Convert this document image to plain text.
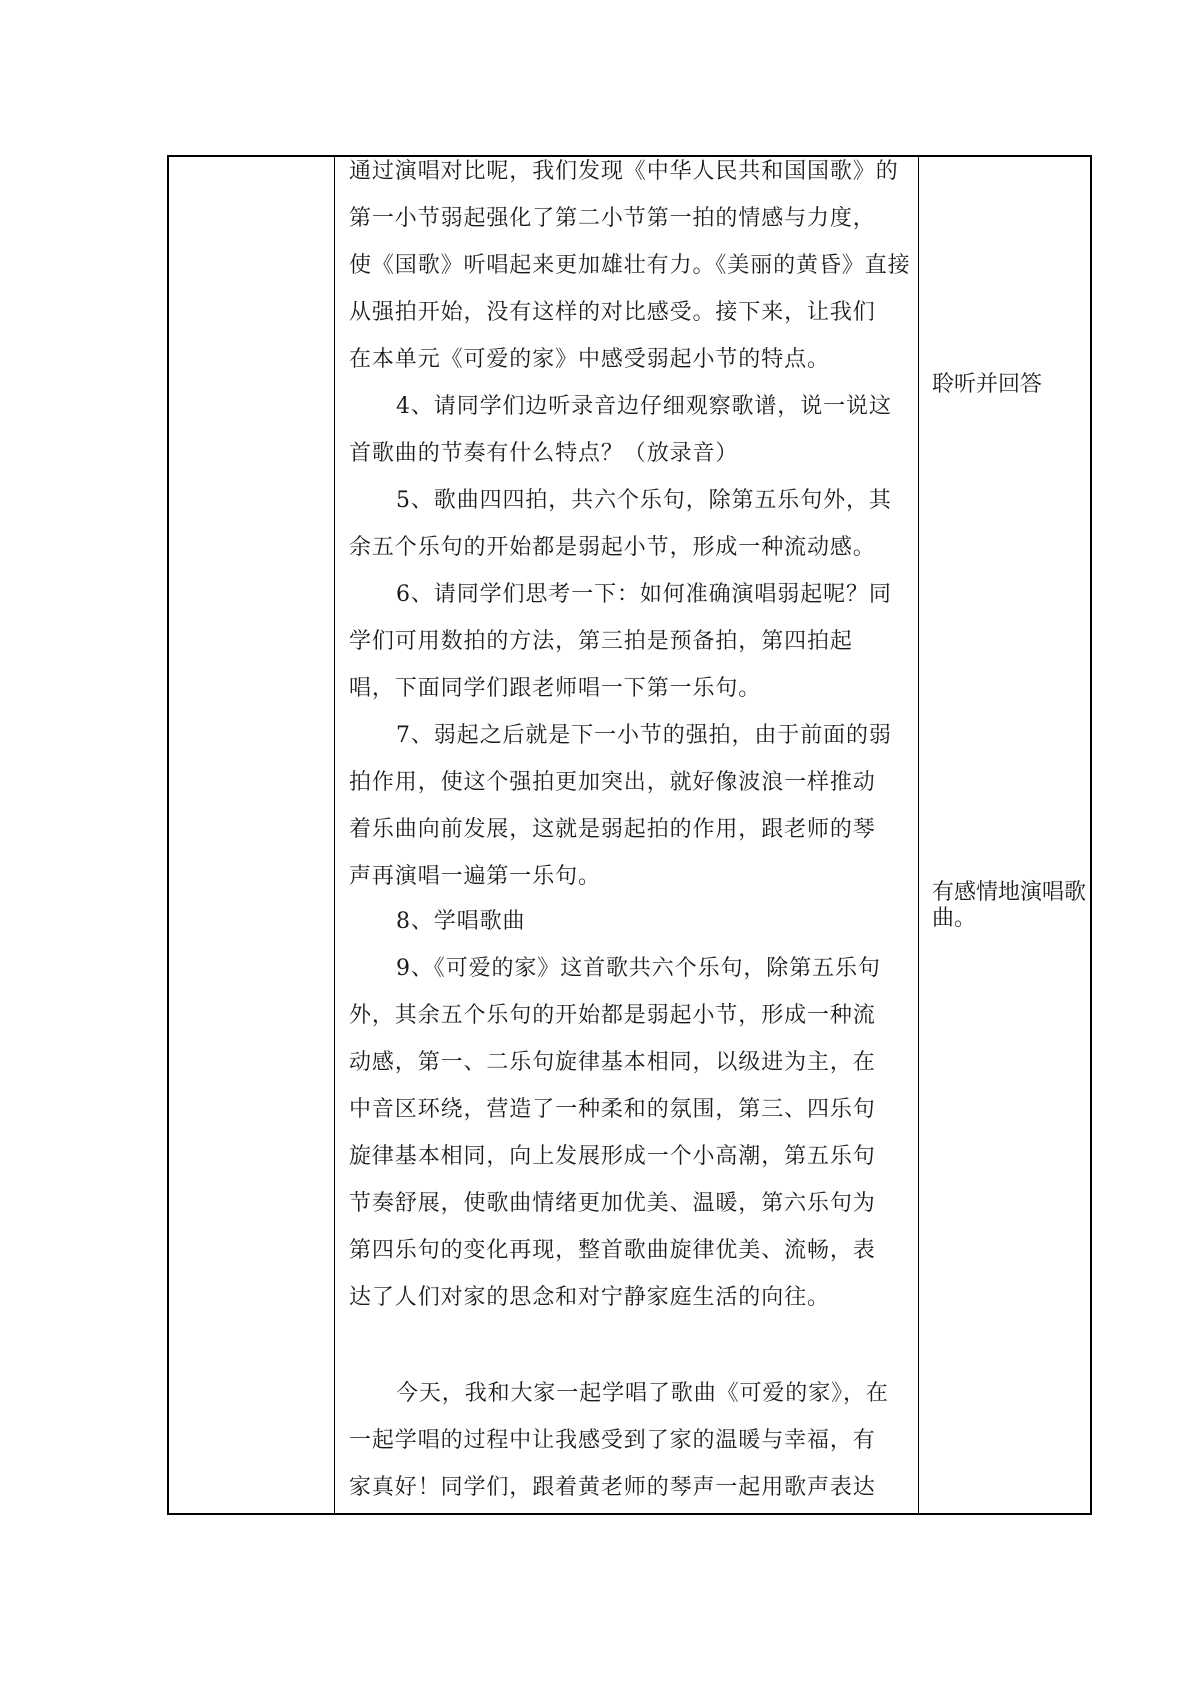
通过演唱对比呢，我们发现《中华人民共和国国歌》的
第一小节弱起强化了第二小节第一拍的情感与力度，
使《国歌》听唱起来更加雄壮有力。《美丽的黄昏》直接
从强拍开始，没有这样的对比感受。接下来，让我们
在本单元《可爱的家》中感受弱起小节的特点。
4、请同学们边听录音边仔细观察歌谱，说一说这
首歌曲的节奏有什么特点？（放录音）
5、歌曲四四拍，共六个乐句，除第五乐句外，其
余五个乐句的开始都是弱起小节，形成一种流动感。
6、请同学们思考一下：如何准确演唱弱起呢？同
学们可用数拍的方法，第三拍是预备拍，第四拍起
唱，下面同学们跟老师唱一下第一乐句。
7、弱起之后就是下一小节的强拍，由于前面的弱
拍作用，使这个强拍更加突出，就好像波浪一样推动
着乐曲向前发展，这就是弱起拍的作用，跟老师的琴
声再演唱一遍第一乐句。
8、学唱歌曲
9、《可爱的家》这首歌共六个乐句，除第五乐句
外，其余五个乐句的开始都是弱起小节，形成一种流
动感，第一、二乐句旋律基本相同，以级进为主，在
中音区环绕，营造了一种柔和的氛围，第三、四乐句
旋律基本相同，向上发展形成一个小高潮，第五乐句
节奏舒展，使歌曲情绪更加优美、温暖，第六乐句为
第四乐句的变化再现，整首歌曲旋律优美、流畅，表
达了人们对家的思念和对宁静家庭生活的向往。
今天，我和大家一起学唱了歌曲《可爱的家》，在
一起学唱的过程中让我感受到了家的温暖与幸福，有
家真好！同学们，跟着黄老师的琴声一起用歌声表达
聆听并回答
有感情地演唱歌曲。
